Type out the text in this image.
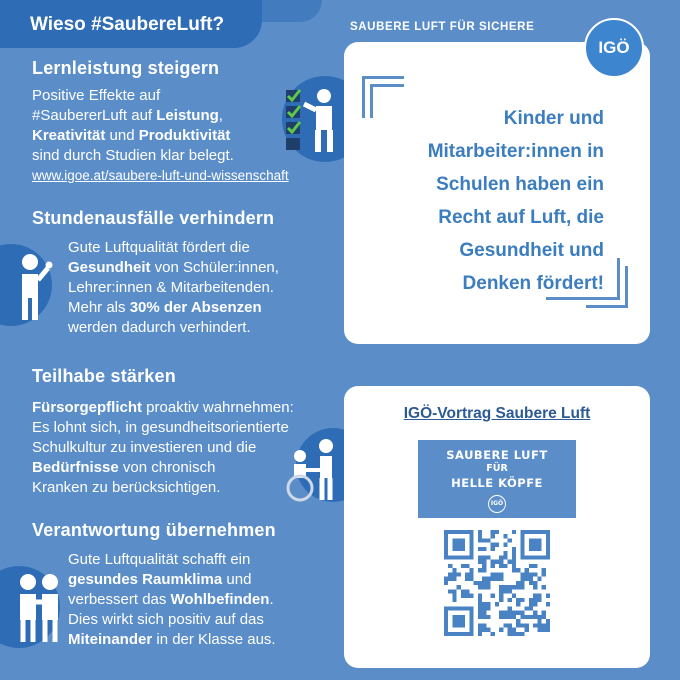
Wieso #SaubereLuft?
Lernleistung steigern
Positive Effekte auf
#SaubererLuft auf Leistung,
Kreativität und Produktivität
sind durch Studien klar belegt.
www.igoe.at/saubere-luft-und-wissenschaft
Stundenausfälle verhindern
Gute Luftqualität fördert die
Gesundheit von Schüler:innen,
Lehrer:innen & Mitarbeitenden.
Mehr als 30% der Absenzen
werden dadurch verhindert.
Teilhabe stärken
Fürsorgepflicht proaktiv wahrnehmen:
Es lohnt sich, in gesundheitsorientierte
Schulkultur zu investieren und die
Bedürfnisse von chronisch
Kranken zu berücksichtigen.
Verantwortung übernehmen
Gute Luftqualität schafft ein
gesundes Raumklima und
verbessert das Wohlbefinden.
Dies wirkt sich positiv auf das
Miteinander in der Klasse aus.
SAUBERE LUFT FÜR SICHERE
IGÖ
Kinder und
Mitarbeiter:innen in
Schulen haben ein
Recht auf Luft, die
Gesundheit und
Denken fördert!
IGÖ-Vortrag Saubere Luft
SAUBERE LUFT
FÜR
HELLE KÖPFE
IGÖ
